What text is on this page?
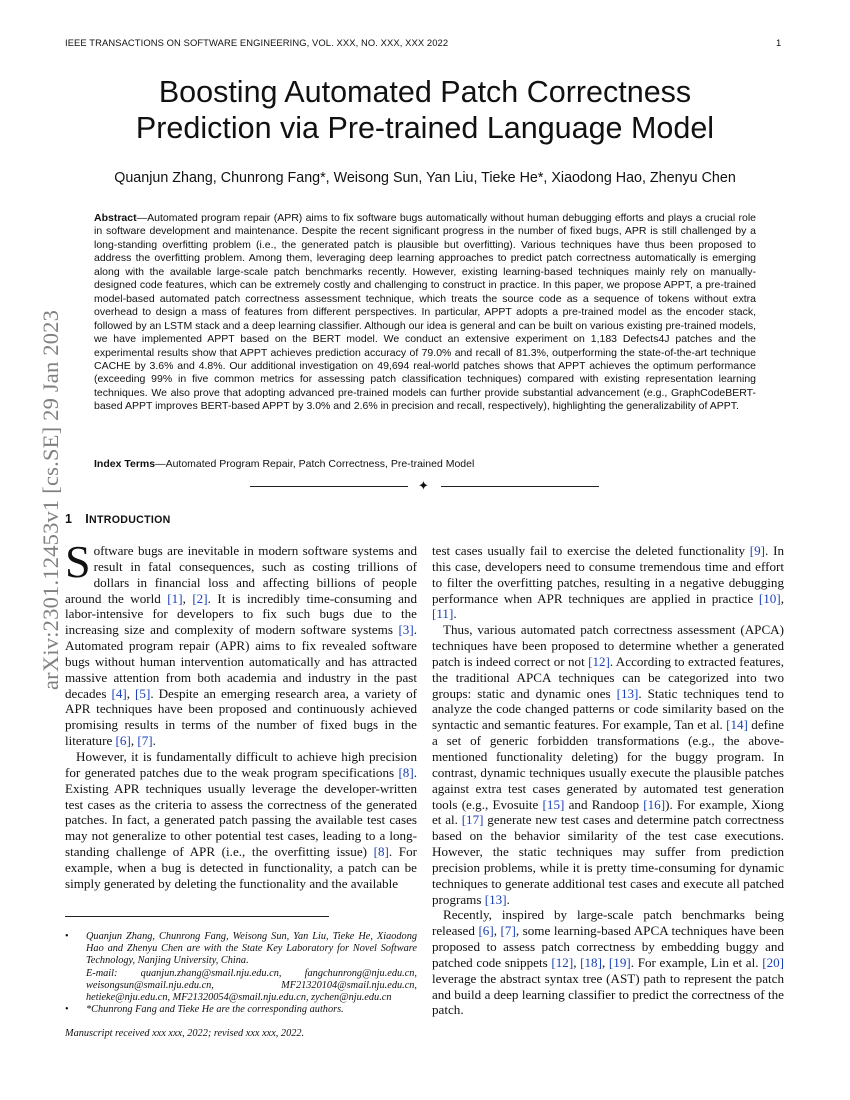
IEEE TRANSACTIONS ON SOFTWARE ENGINEERING, VOL. XXX, NO. XXX, XXX 2022	1
arXiv:2301.12453v1 [cs.SE] 29 Jan 2023
Boosting Automated Patch Correctness
Prediction via Pre-trained Language Model
Quanjun Zhang, Chunrong Fang*, Weisong Sun, Yan Liu, Tieke He*, Xiaodong Hao, Zhenyu Chen
Abstract—Automated program repair (APR) aims to fix software bugs automatically without human debugging efforts and plays a crucial role in software development and maintenance. Despite the recent significant progress in the number of fixed bugs, APR is still challenged by a long-standing overfitting problem (i.e., the generated patch is plausible but overfitting). Various techniques have thus been proposed to address the overfitting problem. Among them, leveraging deep learning approaches to predict patch correctness automatically is emerging along with the available large-scale patch benchmarks recently. However, existing learning-based techniques mainly rely on manually-designed code features, which can be extremely costly and challenging to construct in practice. In this paper, we propose APPT, a pre-trained model-based automated patch correctness assessment technique, which treats the source code as a sequence of tokens without extra overhead to design a mass of features from different perspectives. In particular, APPT adopts a pre-trained model as the encoder stack, followed by an LSTM stack and a deep learning classifier. Although our idea is general and can be built on various existing pre-trained models, we have implemented APPT based on the BERT model. We conduct an extensive experiment on 1,183 Defects4J patches and the experimental results show that APPT achieves prediction accuracy of 79.0% and recall of 81.3%, outperforming the state-of-the-art technique CACHE by 3.6% and 4.8%. Our additional investigation on 49,694 real-world patches shows that APPT achieves the optimum performance (exceeding 99% in five common metrics for assessing patch classification techniques) compared with existing representation learning techniques. We also prove that adopting advanced pre-trained models can further provide substantial advancement (e.g., GraphCodeBERT-based APPT improves BERT-based APPT by 3.0% and 2.6% in precision and recall, respectively), highlighting the generalizability of APPT.
Index Terms—Automated Program Repair, Patch Correctness, Pre-trained Model
✦
1 INTRODUCTION

Software bugs are inevitable in modern software systems and result in fatal consequences, such as costing trillions of dollars in financial loss and affecting billions of people around the world [1], [2]. It is incredibly time-consuming and labor-intensive for developers to fix such bugs due to the increasing size and complexity of modern software systems [3]. Automated program repair (APR) aims to fix revealed software bugs without human intervention automatically and has attracted massive attention from both academia and industry in the past decades [4], [5]. Despite an emerging research area, a variety of APR techniques have been proposed and continuously achieved promising results in terms of the number of fixed bugs in the literature [6], [7].

However, it is fundamentally difficult to achieve high precision for generated patches due to the weak program specifications [8]. Existing APR techniques usually leverage the developer-written test cases as the criteria to assess the correctness of the generated patches. In fact, a generated patch passing the available test cases may not generalize to other potential test cases, leading to a long-standing challenge of APR (i.e., the overfitting issue) [8]. For example, when a bug is detected in functionality, a patch can be simply generated by deleting the functionality and the available

test cases usually fail to exercise the deleted functionality [9]. In this case, developers need to consume tremendous time and effort to filter the overfitting patches, resulting in a negative debugging performance when APR techniques are applied in practice [10], [11].

Thus, various automated patch correctness assessment (APCA) techniques have been proposed to determine whether a generated patch is indeed correct or not [12]. According to extracted features, the traditional APCA techniques can be categorized into two groups: static and dynamic ones [13]. Static techniques tend to analyze the code changed patterns or code similarity based on the syntactic and semantic features. For example, Tan et al. [14] define a set of generic forbidden transformations (e.g., the above-mentioned functionality deleting) for the buggy program. In contrast, dynamic techniques usually execute the plausible patches against extra test cases generated by automated test generation tools (e.g., Evosuite [15] and Randoop [16]). For example, Xiong et al. [17] generate new test cases and determine patch correctness based on the behavior similarity of the test case executions. However, the static techniques may suffer from prediction precision problems, while it is pretty time-consuming for dynamic techniques to generate additional test cases and execute all patched programs [13].

Recently, inspired by large-scale patch benchmarks being released [6], [7], some learning-based APCA techniques have been proposed to assess patch correctness by embedding buggy and patched code snippets [12], [18], [19]. For example, Lin et al. [20] leverage the abstract syntax tree (AST) path to represent the patch and build a deep learning classifier to predict the correctness of the patch.

• Quanjun Zhang, Chunrong Fang, Weisong Sun, Yan Liu, Tieke He, Xiaodong Hao and Zhenyu Chen are with the State Key Laboratory for Novel Software Technology, Nanjing University, China.
E-mail: quanjun.zhang@smail.nju.edu.cn, fangchunrong@nju.edu.cn, weisongsun@smail.nju.edu.cn, MF21320104@smail.nju.edu.cn, hetieke@nju.edu.cn, MF21320054@smail.nju.edu.cn, zychen@nju.edu.cn
• *Chunrong Fang and Tieke He are the corresponding authors.
Manuscript received xxx xxx, 2022; revised xxx xxx, 2022.
